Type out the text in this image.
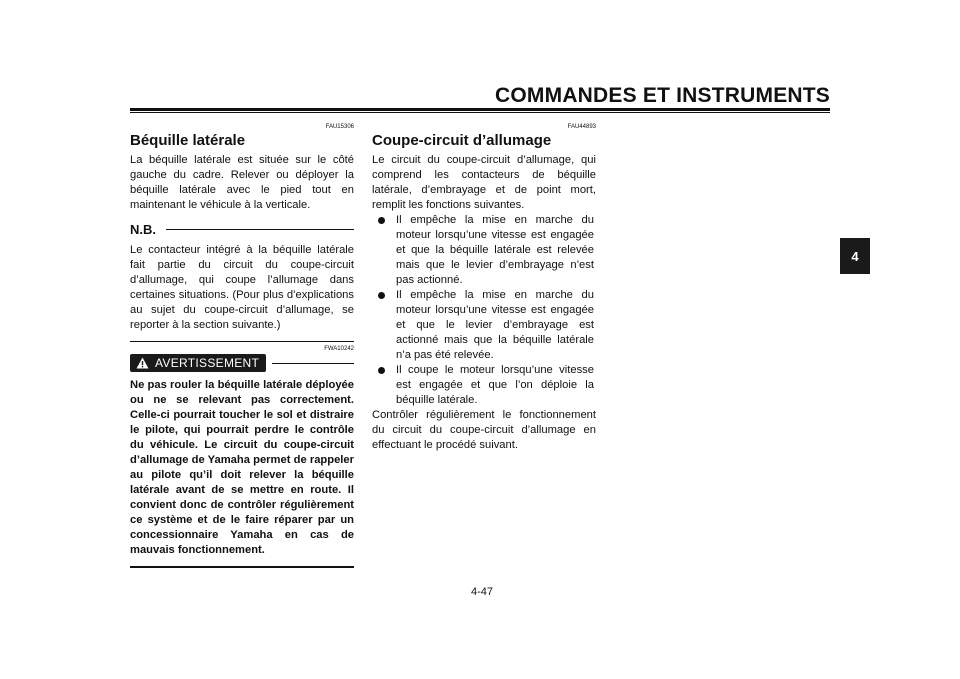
COMMANDES ET INSTRUMENTS
4
FAU15306
Béquille latérale

La béquille latérale est située sur le côté gauche du cadre. Relever ou déployer la béquille latérale avec le pied tout en maintenant le véhicule à la verticale.

N.B.

Le contacteur intégré à la béquille latérale fait partie du circuit du coupe-circuit d’allumage, qui coupe l’allumage dans certaines situations. (Pour plus d’explications au sujet du coupe-circuit d’allumage, se reporter à la section suivante.)

FWA10242
AVERTISSEMENT

Ne pas rouler la béquille latérale déployée ou ne se relevant pas correctement. Celle-ci pourrait toucher le sol et distraire le pilote, qui pourrait perdre le contrôle du véhicule. Le circuit du coupe-circuit d’allumage de Yamaha permet de rappeler au pilote qu’il doit relever la béquille latérale avant de se mettre en route. Il convient donc de contrôler régulièrement ce système et de le faire réparer par un concessionnaire Yamaha en cas de mauvais fonctionnement.

FAU44893
Coupe-circuit d’allumage

Le circuit du coupe-circuit d’allumage, qui comprend les contacteurs de béquille latérale, d’embrayage et de point mort, remplit les fonctions suivantes.

Il empêche la mise en marche du moteur lorsqu’une vitesse est engagée et que la béquille latérale est relevée mais que le levier d’embrayage n’est pas actionné.
Il empêche la mise en marche du moteur lorsqu’une vitesse est engagée et que le levier d’embrayage est actionné mais que la béquille latérale n’a pas été relevée.
Il coupe le moteur lorsqu’une vitesse est engagée et que l’on déploie la béquille latérale.

Contrôler régulièrement le fonctionnement du circuit du coupe-circuit d’allumage en effectuant le procédé suivant.

4-47
